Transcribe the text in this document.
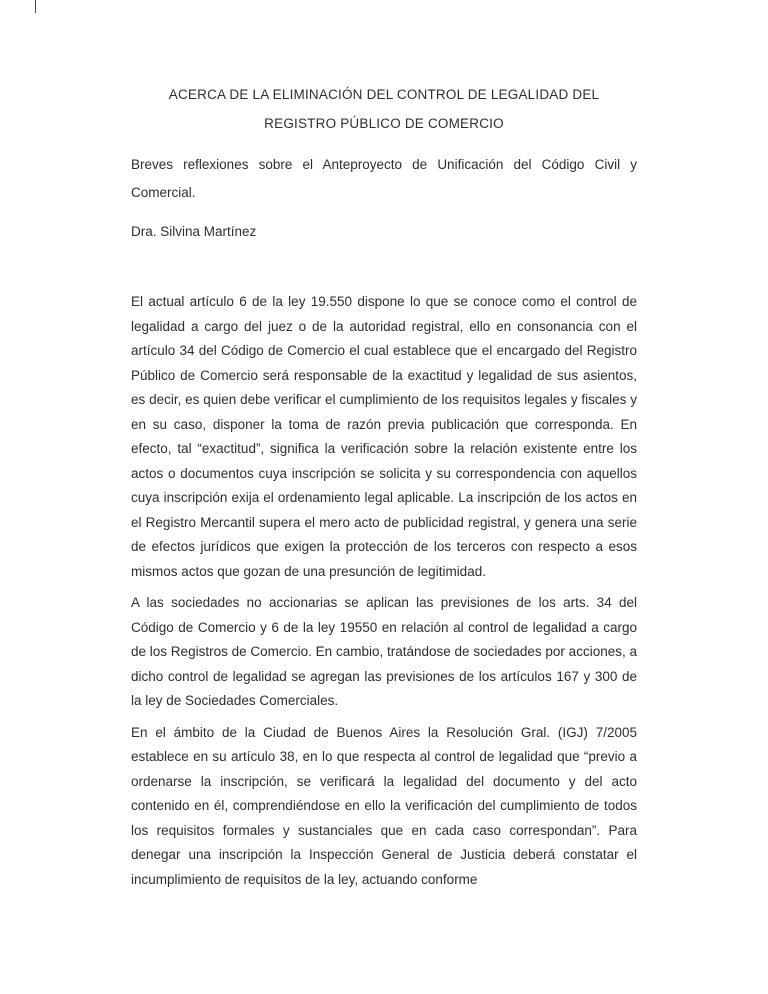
ACERCA DE LA ELIMINACIÓN DEL CONTROL DE LEGALIDAD DEL
REGISTRO PÚBLICO DE COMERCIO

Breves reflexiones sobre el Anteproyecto de Unificación del Código Civil y Comercial.

Dra. Silvina Martínez

El actual artículo 6 de la ley 19.550 dispone lo que se conoce como el control de legalidad a cargo del juez o de la autoridad registral, ello en consonancia con el artículo 34 del Código de Comercio el cual establece que el encargado del Registro Público de Comercio será responsable de la exactitud y legalidad de sus asientos, es decir, es quien debe verificar el cumplimiento de los requisitos legales y fiscales y en su caso, disponer la toma de razón previa publicación que corresponda. En efecto, tal “exactitud”, significa la verificación sobre la relación existente entre los actos o documentos cuya inscripción se solicita y su correspondencia con aquellos cuya inscripción exija el ordenamiento legal aplicable. La inscripción de los actos en el Registro Mercantil supera el mero acto de publicidad registral, y genera una serie de efectos jurídicos que exigen la protección de los terceros con respecto a esos mismos actos que gozan de una presunción de legitimidad.

A las sociedades no accionarias se aplican las previsiones de los arts. 34 del Código de Comercio y 6 de la ley 19550 en relación al control de legalidad a cargo de los Registros de Comercio. En cambio, tratándose de sociedades por acciones, a dicho control de legalidad se agregan las previsiones de los artículos 167 y 300 de la ley de Sociedades Comerciales.

En el ámbito de la Ciudad de Buenos Aires la Resolución Gral. (IGJ) 7/2005 establece en su artículo 38, en lo que respecta al control de legalidad que “previo a ordenarse la inscripción, se verificará la legalidad del documento y del acto contenido en él, comprendiéndose en ello la verificación del cumplimiento de todos los requisitos formales y sustanciales que en cada caso correspondan”. Para denegar una inscripción la Inspección General de Justicia deberá constatar el incumplimiento de requisitos de la ley, actuando conforme
